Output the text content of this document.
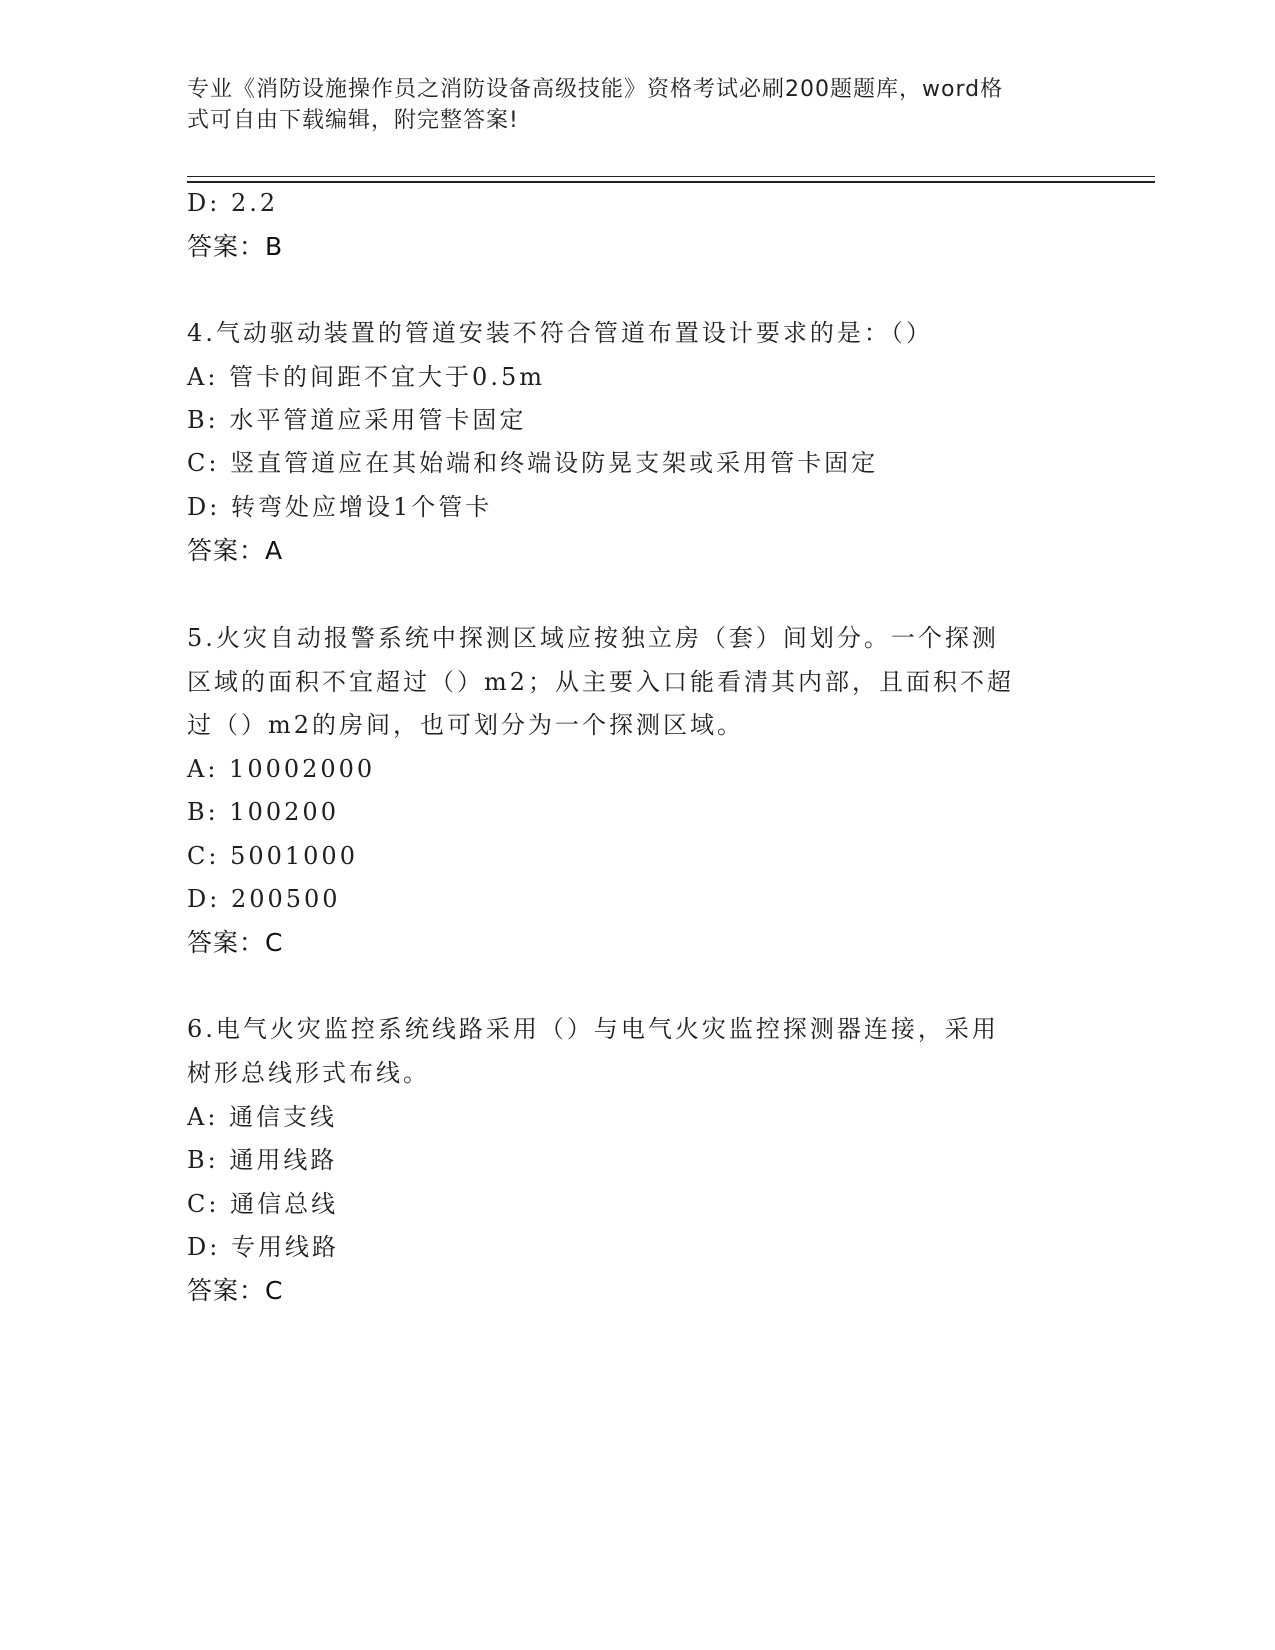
专业《消防设施操作员之消防设备高级技能》资格考试必刷200题题库，word格
式可自由下载编辑，附完整答案!
D: 2.2
答案：B
4.气动驱动装置的管道安装不符合管道布置设计要求的是：（）
A: 管卡的间距不宜大于0.5m
B: 水平管道应采用管卡固定
C: 竖直管道应在其始端和终端设防晃支架或采用管卡固定
D: 转弯处应增设1个管卡
答案：A
5.火灾自动报警系统中探测区域应按独立房（套）间划分。一个探测
区域的面积不宜超过（）m2；从主要入口能看清其内部，且面积不超
过（）m2的房间，也可划分为一个探测区域。
A: 10002000
B: 100200
C: 5001000
D: 200500
答案：C
6.电气火灾监控系统线路采用（）与电气火灾监控探测器连接，采用
树形总线形式布线。
A: 通信支线
B: 通用线路
C: 通信总线
D: 专用线路
答案：C
